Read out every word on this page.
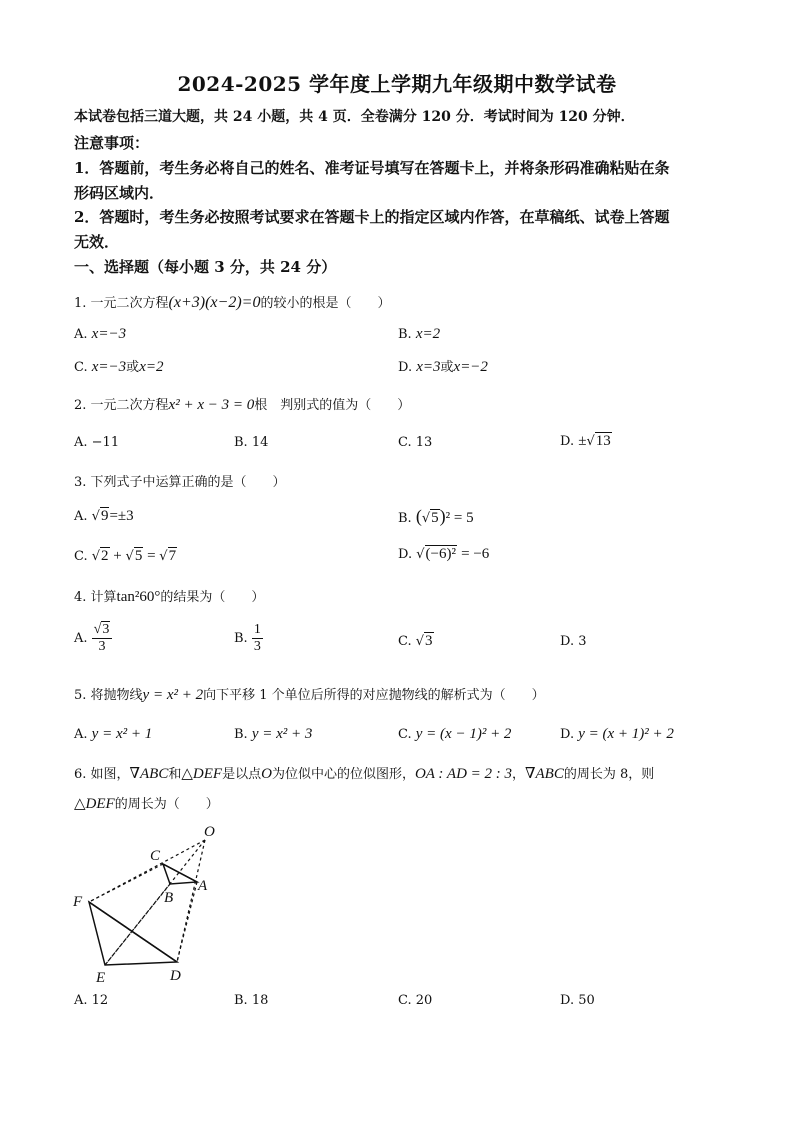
2024-2025 学年度上学期九年级期中数学试卷
本试卷包括三道大题，共 24 小题，共 4 页．全卷满分 120 分．考试时间为 120 分钟．
注意事项：
1．答题前，考生务必将自己的姓名、准考证号填写在答题卡上，并将条形码准确粘贴在条
形码区域内．
2．答题时，考生务必按照考试要求在答题卡上的指定区域内作答，在草稿纸、试卷上答题
无效．
一、选择题（每小题 3 分，共 24 分）
1. 一元二次方程(x+3)(x−2)=0的较小的根是（　　）
A. x=−3	B. x=2
C. x=−3或x=2	D. x=3或x=−2
2. 一元二次方程x² + x − 3 = 0根　判别式的值为（　　）
A. −11	B. 14	C. 13	D. ±√13
3. 下列式子中运算正确的是（　　）
A. √9=±3	B. (√5)² = 5
C. √2 + √5 = √7	D. √(−6)² = −6
4. 计算tan²60°的结果为（　　）
A. $\frac{√3}{3}$	B. $\frac{1}{3}$	C. √3	D. 3
5. 将抛物线y = x² + 2向下平移 1 个单位后所得的对应抛物线的解析式为（　　）
A. y = x² + 1	B. y = x² + 3	C. y = (x − 1)² + 2	D. y = (x + 1)² + 2
6. 如图，∇ABC和△DEF是以点O为位似中心的位似图形，OA : AD = 2 : 3，∇ABC的周长为 8，则
△DEF的周长为（　　）
O
C
A
B
F
E	D
A. 12	B. 18	C. 20	D. 50
